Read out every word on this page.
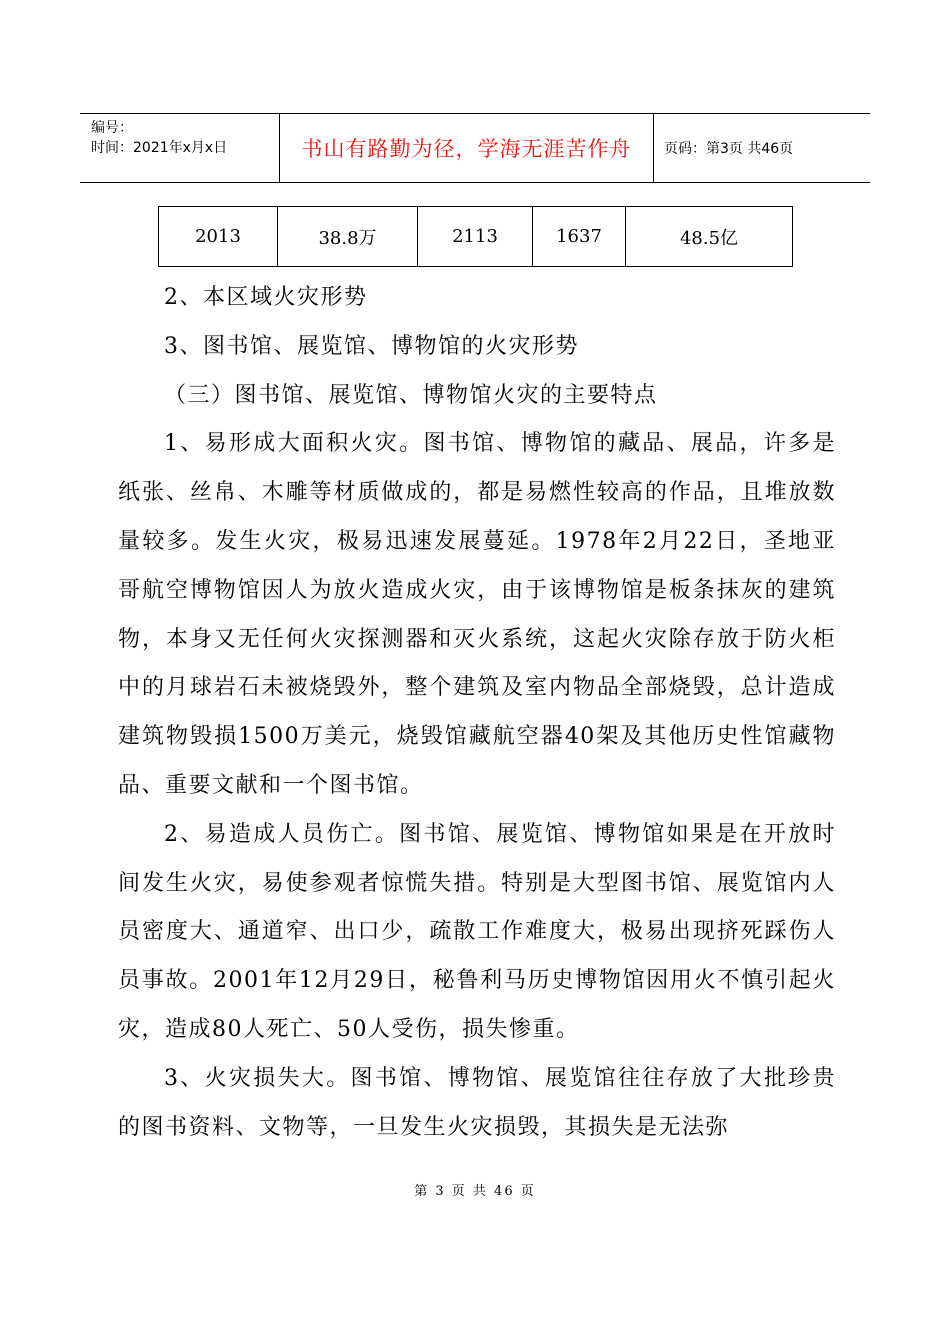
编号：
时间：2021年x月x日	书山有路勤为径，学海无涯苦作舟	页码：第3页 共46页
2013	38.8万	2113	1637	48.5亿

2、本区域火灾形势

3、图书馆、展览馆、博物馆的火灾形势

（三）图书馆、展览馆、博物馆火灾的主要特点

1、易形成大面积火灾。图书馆、博物馆的藏品、展品，许多是纸张、丝帛、木雕等材质做成的，都是易燃性较高的作品，且堆放数量较多。发生火灾，极易迅速发展蔓延。1978年2月22日，圣地亚哥航空博物馆因人为放火造成火灾，由于该博物馆是板条抹灰的建筑物，本身又无任何火灾探测器和灭火系统，这起火灾除存放于防火柜中的月球岩石未被烧毁外，整个建筑及室内物品全部烧毁，总计造成建筑物毁损1500万美元，烧毁馆藏航空器40架及其他历史性馆藏物品、重要文献和一个图书馆。

2、易造成人员伤亡。图书馆、展览馆、博物馆如果是在开放时间发生火灾，易使参观者惊慌失措。特别是大型图书馆、展览馆内人员密度大、通道窄、出口少，疏散工作难度大，极易出现挤死踩伤人员事故。2001年12月29日，秘鲁利马历史博物馆因用火不慎引起火灾，造成80人死亡、50人受伤，损失惨重。

3、火灾损失大。图书馆、博物馆、展览馆往往存放了大批珍贵的图书资料、文物等，一旦发生火灾损毁，其损失是无法弥

第 3 页 共 46 页
